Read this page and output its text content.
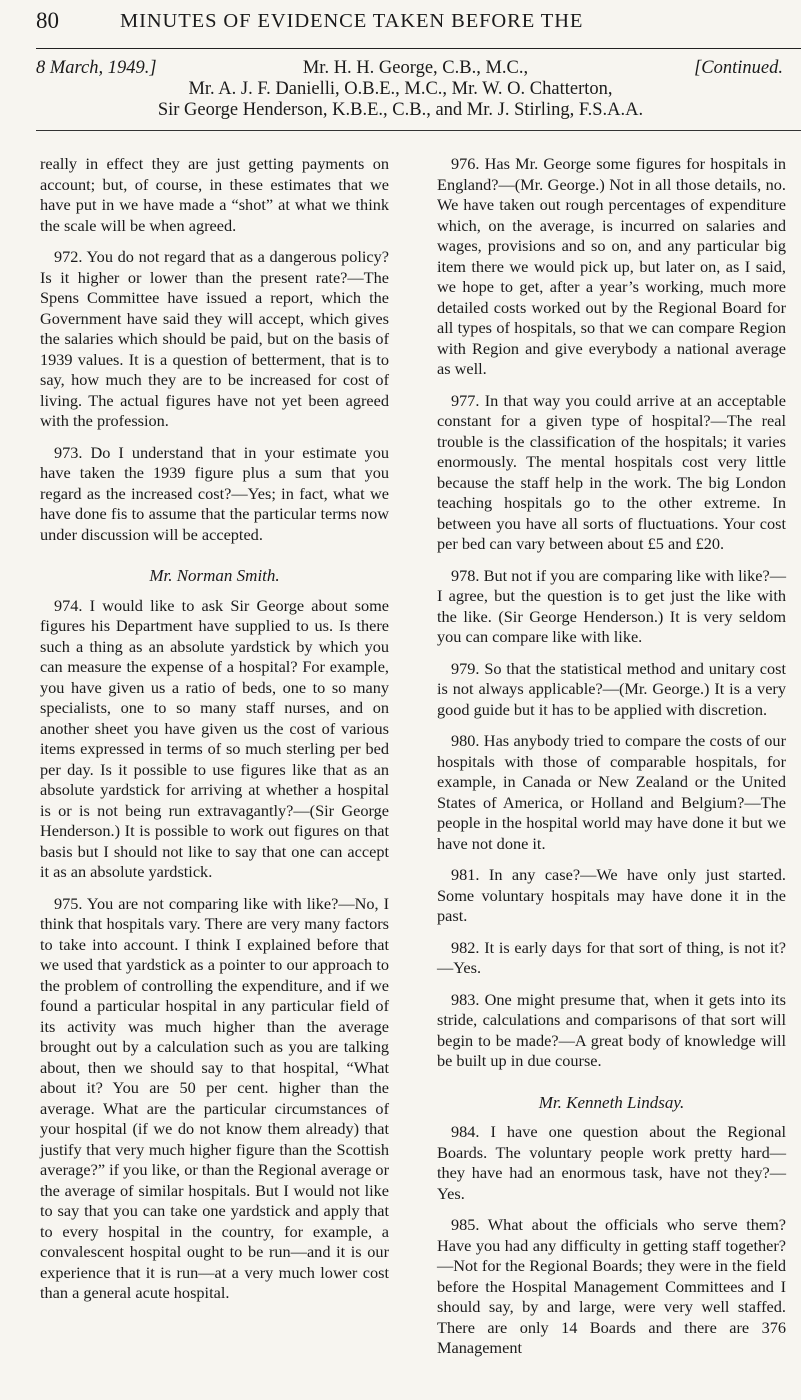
80	MINUTES OF EVIDENCE TAKEN BEFORE THE
8 March, 1949.]	[Continued.
Mr. H. H. George, C.B., M.C.,
Mr. A. J. F. Danielli, O.B.E., M.C., Mr. W. O. Chatterton,
Sir George Henderson, K.B.E., C.B., and Mr. J. Stirling, F.S.A.A.

really in effect they are just getting payments on account; but, of course, in these estimates that we have put in we have made a “shot” at what we think the scale will be when agreed.

972. You do not regard that as a dangerous policy? Is it higher or lower than the present rate?—The Spens Committee have issued a report, which the Government have said they will accept, which gives the salaries which should be paid, but on the basis of 1939 values. It is a question of betterment, that is to say, how much they are to be increased for cost of living. The actual figures have not yet been agreed with the profession.

973. Do I understand that in your estimate you have taken the 1939 figure plus a sum that you regard as the increased cost?—Yes; in fact, what we have done fis to assume that the particular terms now under discussion will be accepted.

Mr. Norman Smith.

974. I would like to ask Sir George about some figures his Department have supplied to us. Is there such a thing as an absolute yardstick by which you can measure the expense of a hospital? For example, you have given us a ratio of beds, one to so many specialists, one to so many staff nurses, and on another sheet you have given us the cost of various items expressed in terms of so much sterling per bed per day. Is it possible to use figures like that as an absolute yardstick for arriving at whether a hospital is or is not being run extravagantly?—(Sir George Henderson.) It is possible to work out figures on that basis but I should not like to say that one can accept it as an absolute yardstick.

975. You are not comparing like with like?—No, I think that hospitals vary. There are very many factors to take into account. I think I explained before that we used that yardstick as a pointer to our approach to the problem of controlling the expenditure, and if we found a particular hospital in any particular field of its activity was much higher than the average brought out by a calculation such as you are talking about, then we should say to that hospital, “What about it? You are 50 per cent. higher than the average. What are the particular circumstances of your hospital (if we do not know them already) that justify that very much higher figure than the Scottish average?” if you like, or than the Regional average or the average of similar hospitals. But I would not like to say that you can take one yardstick and apply that to every hospital in the country, for example, a convalescent hospital ought to be run—and it is our experience that it is run—at a very much lower cost than a general acute hospital.

976. Has Mr. George some figures for hospitals in England?—(Mr. George.) Not in all those details, no. We have taken out rough percentages of expenditure which, on the average, is incurred on salaries and wages, provisions and so on, and any particular big item there we would pick up, but later on, as I said, we hope to get, after a year’s working, much more detailed costs worked out by the Regional Board for all types of hospitals, so that we can compare Region with Region and give everybody a national average as well.

977. In that way you could arrive at an acceptable constant for a given type of hospital?—The real trouble is the classification of the hospitals; it varies enormously. The mental hospitals cost very little because the staff help in the work. The big London teaching hospitals go to the other extreme. In between you have all sorts of fluctuations. Your cost per bed can vary between about £5 and £20.

978. But not if you are comparing like with like?—I agree, but the question is to get just the like with the like. (Sir George Henderson.) It is very seldom you can compare like with like.

979. So that the statistical method and unitary cost is not always applicable?—(Mr. George.) It is a very good guide but it has to be applied with discretion.

980. Has anybody tried to compare the costs of our hospitals with those of comparable hospitals, for example, in Canada or New Zealand or the United States of America, or Holland and Belgium?—The people in the hospital world may have done it but we have not done it.

981. In any case?—We have only just started. Some voluntary hospitals may have done it in the past.

982. It is early days for that sort of thing, is not it?—Yes.

983. One might presume that, when it gets into its stride, calculations and comparisons of that sort will begin to be made?—A great body of knowledge will be built up in due course.

Mr. Kenneth Lindsay.

984. I have one question about the Regional Boards. The voluntary people work pretty hard—they have had an enormous task, have not they?—Yes.

985. What about the officials who serve them? Have you had any difficulty in getting staff together?—Not for the Regional Boards; they were in the field before the Hospital Management Committees and I should say, by and large, were very well staffed. There are only 14 Boards and there are 376 Management
